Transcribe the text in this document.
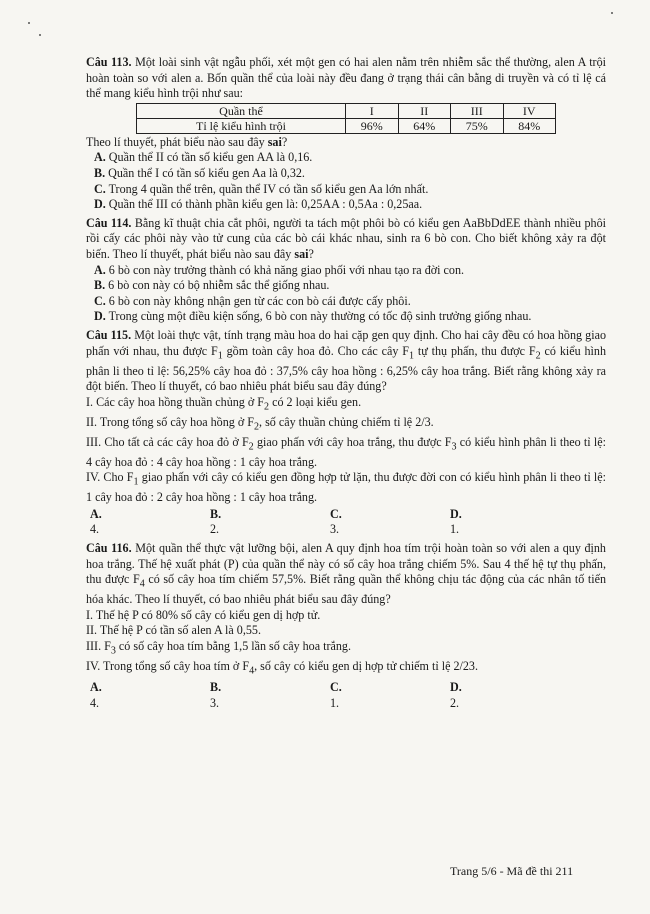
Câu 113. Một loài sinh vật ngẫu phối, xét một gen có hai alen nằm trên nhiễm sắc thể thường, alen A trội hoàn toàn so với alen a. Bốn quần thể của loài này đều đang ở trạng thái cân bằng di truyền và có tỉ lệ cá thể mang kiểu hình trội như sau:

Quần thể	I	II	III	IV
Tỉ lệ kiểu hình trội	96%	64%	75%	84%

Theo lí thuyết, phát biểu nào sau đây sai?

A. Quần thể II có tần số kiểu gen AA là 0,16.

B. Quần thể I có tần số kiểu gen Aa là 0,32.

C. Trong 4 quần thể trên, quần thể IV có tần số kiểu gen Aa lớn nhất.

D. Quần thể III có thành phần kiểu gen là: 0,25AA : 0,5Aa : 0,25aa.

Câu 114. Bằng kĩ thuật chia cắt phôi, người ta tách một phôi bò có kiểu gen AaBbDdEE thành nhiều phôi rồi cấy các phôi này vào tử cung của các bò cái khác nhau, sinh ra 6 bò con. Cho biết không xảy ra đột biến. Theo lí thuyết, phát biểu nào sau đây sai?

A. 6 bò con này trưởng thành có khả năng giao phối với nhau tạo ra đời con.

B. 6 bò con này có bộ nhiễm sắc thể giống nhau.

C. 6 bò con này không nhận gen từ các con bò cái được cấy phôi.

D. Trong cùng một điều kiện sống, 6 bò con này thường có tốc độ sinh trưởng giống nhau.

Câu 115. Một loài thực vật, tính trạng màu hoa do hai cặp gen quy định. Cho hai cây đều có hoa hồng giao phấn với nhau, thu được $F_1$ gồm toàn cây hoa đỏ. Cho các cây $F_1$ tự thụ phấn, thu được $F_2$ có kiểu hình phân li theo tỉ lệ: 56,25% cây hoa đỏ : 37,5% cây hoa hồng : 6,25% cây hoa trắng. Biết rằng không xảy ra đột biến. Theo lí thuyết, có bao nhiêu phát biểu sau đây đúng?

I. Các cây hoa hồng thuần chủng ở $F_2$ có 2 loại kiểu gen.

II. Trong tổng số cây hoa hồng ở $F_2$, số cây thuần chủng chiếm tỉ lệ 2/3.

III. Cho tất cả các cây hoa đỏ ở $F_2$ giao phấn với cây hoa trắng, thu được $F_3$ có kiểu hình phân li theo tỉ lệ: 4 cây hoa đỏ : 4 cây hoa hồng : 1 cây hoa trắng.

IV. Cho $F_1$ giao phấn với cây có kiểu gen đồng hợp tử lặn, thu được đời con có kiểu hình phân li theo tỉ lệ: 1 cây hoa đỏ : 2 cây hoa hồng : 1 cây hoa trắng.

A. 4.
B. 2.
C. 3.
D. 1.

Câu 116. Một quần thể thực vật lưỡng bội, alen A quy định hoa tím trội hoàn toàn so với alen a quy định hoa trắng. Thế hệ xuất phát (P) của quần thể này có số cây hoa trắng chiếm 5%. Sau 4 thế hệ tự thụ phấn, thu được $F_4$ có số cây hoa tím chiếm 57,5%. Biết rằng quần thể không chịu tác động của các nhân tố tiến hóa khác. Theo lí thuyết, có bao nhiêu phát biểu sau đây đúng?

I. Thế hệ P có 80% số cây có kiểu gen dị hợp tử.

II. Thế hệ P có tần số alen A là 0,55.

III. $F_3$ có số cây hoa tím bằng 1,5 lần số cây hoa trắng.

IV. Trong tổng số cây hoa tím ở $F_4$, số cây có kiểu gen dị hợp tử chiếm tỉ lệ 2/23.

A. 4.
B. 3.
C. 1.
D. 2.
Trang 5/6 - Mã đề thi 211
